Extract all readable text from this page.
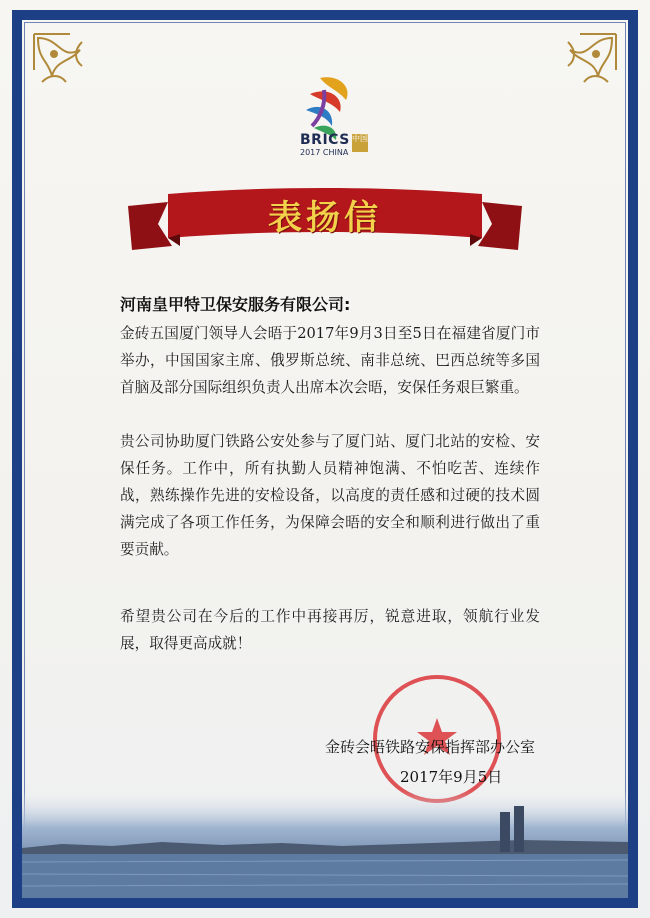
BRICS
2017 CHINA
中国
表扬信
河南皇甲特卫保安服务有限公司:
金砖五国厦门领导人会晤于2017年9月3日至5日在福建省厦门市举办，中国国家主席、俄罗斯总统、南非总统、巴西总统等多国首脑及部分国际组织负责人出席本次会晤，安保任务艰巨繁重。
贵公司协助厦门铁路公安处参与了厦门站、厦门北站的安检、安保任务。工作中，所有执勤人员精神饱满、不怕吃苦、连续作战，熟练操作先进的安检设备，以高度的责任感和过硬的技术圆满完成了各项工作任务，为保障会晤的安全和顺利进行做出了重要贡献。
希望贵公司在今后的工作中再接再厉，锐意进取，领航行业发展，取得更高成就！
金砖会晤铁路安保指挥部办公室
2017年9月5日
